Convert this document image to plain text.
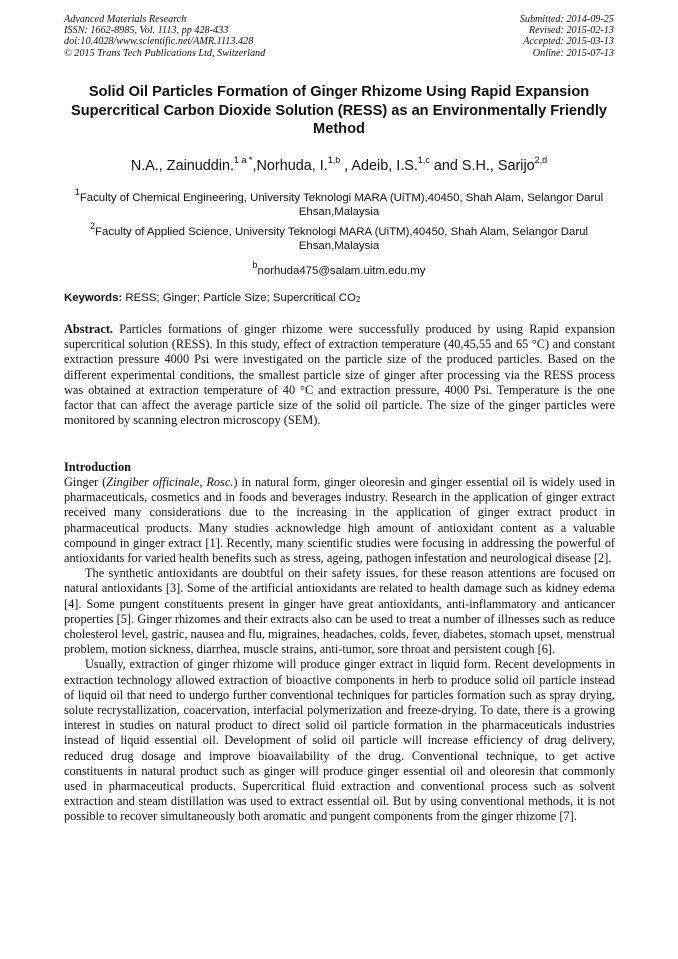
Advanced Materials Research
ISSN: 1662-8985, Vol. 1113, pp 428-433
doi:10.4028/www.scientific.net/AMR.1113.428
© 2015 Trans Tech Publications Ltd, Switzerland
Submitted: 2014-09-25
Revised: 2015-02-13
Accepted: 2015-03-13
Online: 2015-07-13
Solid Oil Particles Formation of Ginger Rhizome Using Rapid Expansion Supercritical Carbon Dioxide Solution (RESS) as an Environmentally Friendly Method
N.A., Zainuddin.$^{1 a *}$,Norhuda, I.$^{1,b}$ , Adeib, I.S.$^{1,c}$ and S.H., Sarijo$^{2,d}$
$^1$Faculty of Chemical Engineering, University Teknologi MARA (UiTM),40450, Shah Alam, Selangor Darul Ehsan,Malaysia
$^2$Faculty of Applied Science, University Teknologi MARA (UiTM),40450, Shah Alam, Selangor Darul Ehsan,Malaysia
$^b$norhuda475@salam.uitm.edu.my
Keywords: RESS; Ginger; Particle Size; Supercritical $CO_2$
Abstract. Particles formations of ginger rhizome were successfully produced by using Rapid expansion supercritical solution (RESS). In this study, effect of extraction temperature (40,45,55 and 65 °C) and constant extraction pressure 4000 Psi were investigated on the particle size of the produced particles. Based on the different experimental conditions, the smallest particle size of ginger after processing via the RESS process was obtained at extraction temperature of 40 °C and extraction pressure, 4000 Psi. Temperature is the one factor that can affect the average particle size of the solid oil particle. The size of the ginger particles were monitored by scanning electron microscopy (SEM).
Introduction

Ginger (Zingiber officinale, Rosc.) in natural form, ginger oleoresin and ginger essential oil is widely used in pharmaceuticals, cosmetics and in foods and beverages industry. Research in the application of ginger extract received many considerations due to the increasing in the application of ginger extract product in pharmaceutical products. Many studies acknowledge high amount of antioxidant content as a valuable compound in ginger extract [1]. Recently, many scientific studies were focusing in addressing the powerful of antioxidants for varied health benefits such as stress, ageing, pathogen infestation and neurological disease [2].

The synthetic antioxidants are doubtful on their safety issues, for these reason attentions are focused on natural antioxidants [3]. Some of the artificial antioxidants are related to health damage such as kidney edema [4]. Some pungent constituents present in ginger have great antioxidants, anti-inflammatory and anticancer properties [5]. Ginger rhizomes and their extracts also can be used to treat a number of illnesses such as reduce cholesterol level, gastric, nausea and flu, migraines, headaches, colds, fever, diabetes, stomach upset, menstrual problem, motion sickness, diarrhea, muscle strains, anti-tumor, sore throat and persistent cough [6].

Usually, extraction of ginger rhizome will produce ginger extract in liquid form. Recent developments in extraction technology allowed extraction of bioactive components in herb to produce solid oil particle instead of liquid oil that need to undergo further conventional techniques for particles formation such as spray drying, solute recrystallization, coacervation, interfacial polymerization and freeze-drying. To date, there is a growing interest in studies on natural product to direct solid oil particle formation in the pharmaceuticals industries instead of liquid essential oil. Development of solid oil particle will increase efficiency of drug delivery, reduced drug dosage and improve bioavailability of the drug. Conventional technique, to get active constituents in natural product such as ginger will produce ginger essential oil and oleoresin that commonly used in pharmaceutical products. Supercritical fluid extraction and conventional process such as solvent extraction and steam distillation was used to extract essential oil. But by using conventional methods, it is not possible to recover simultaneously both aromatic and pungent components from the ginger rhizome [7].
